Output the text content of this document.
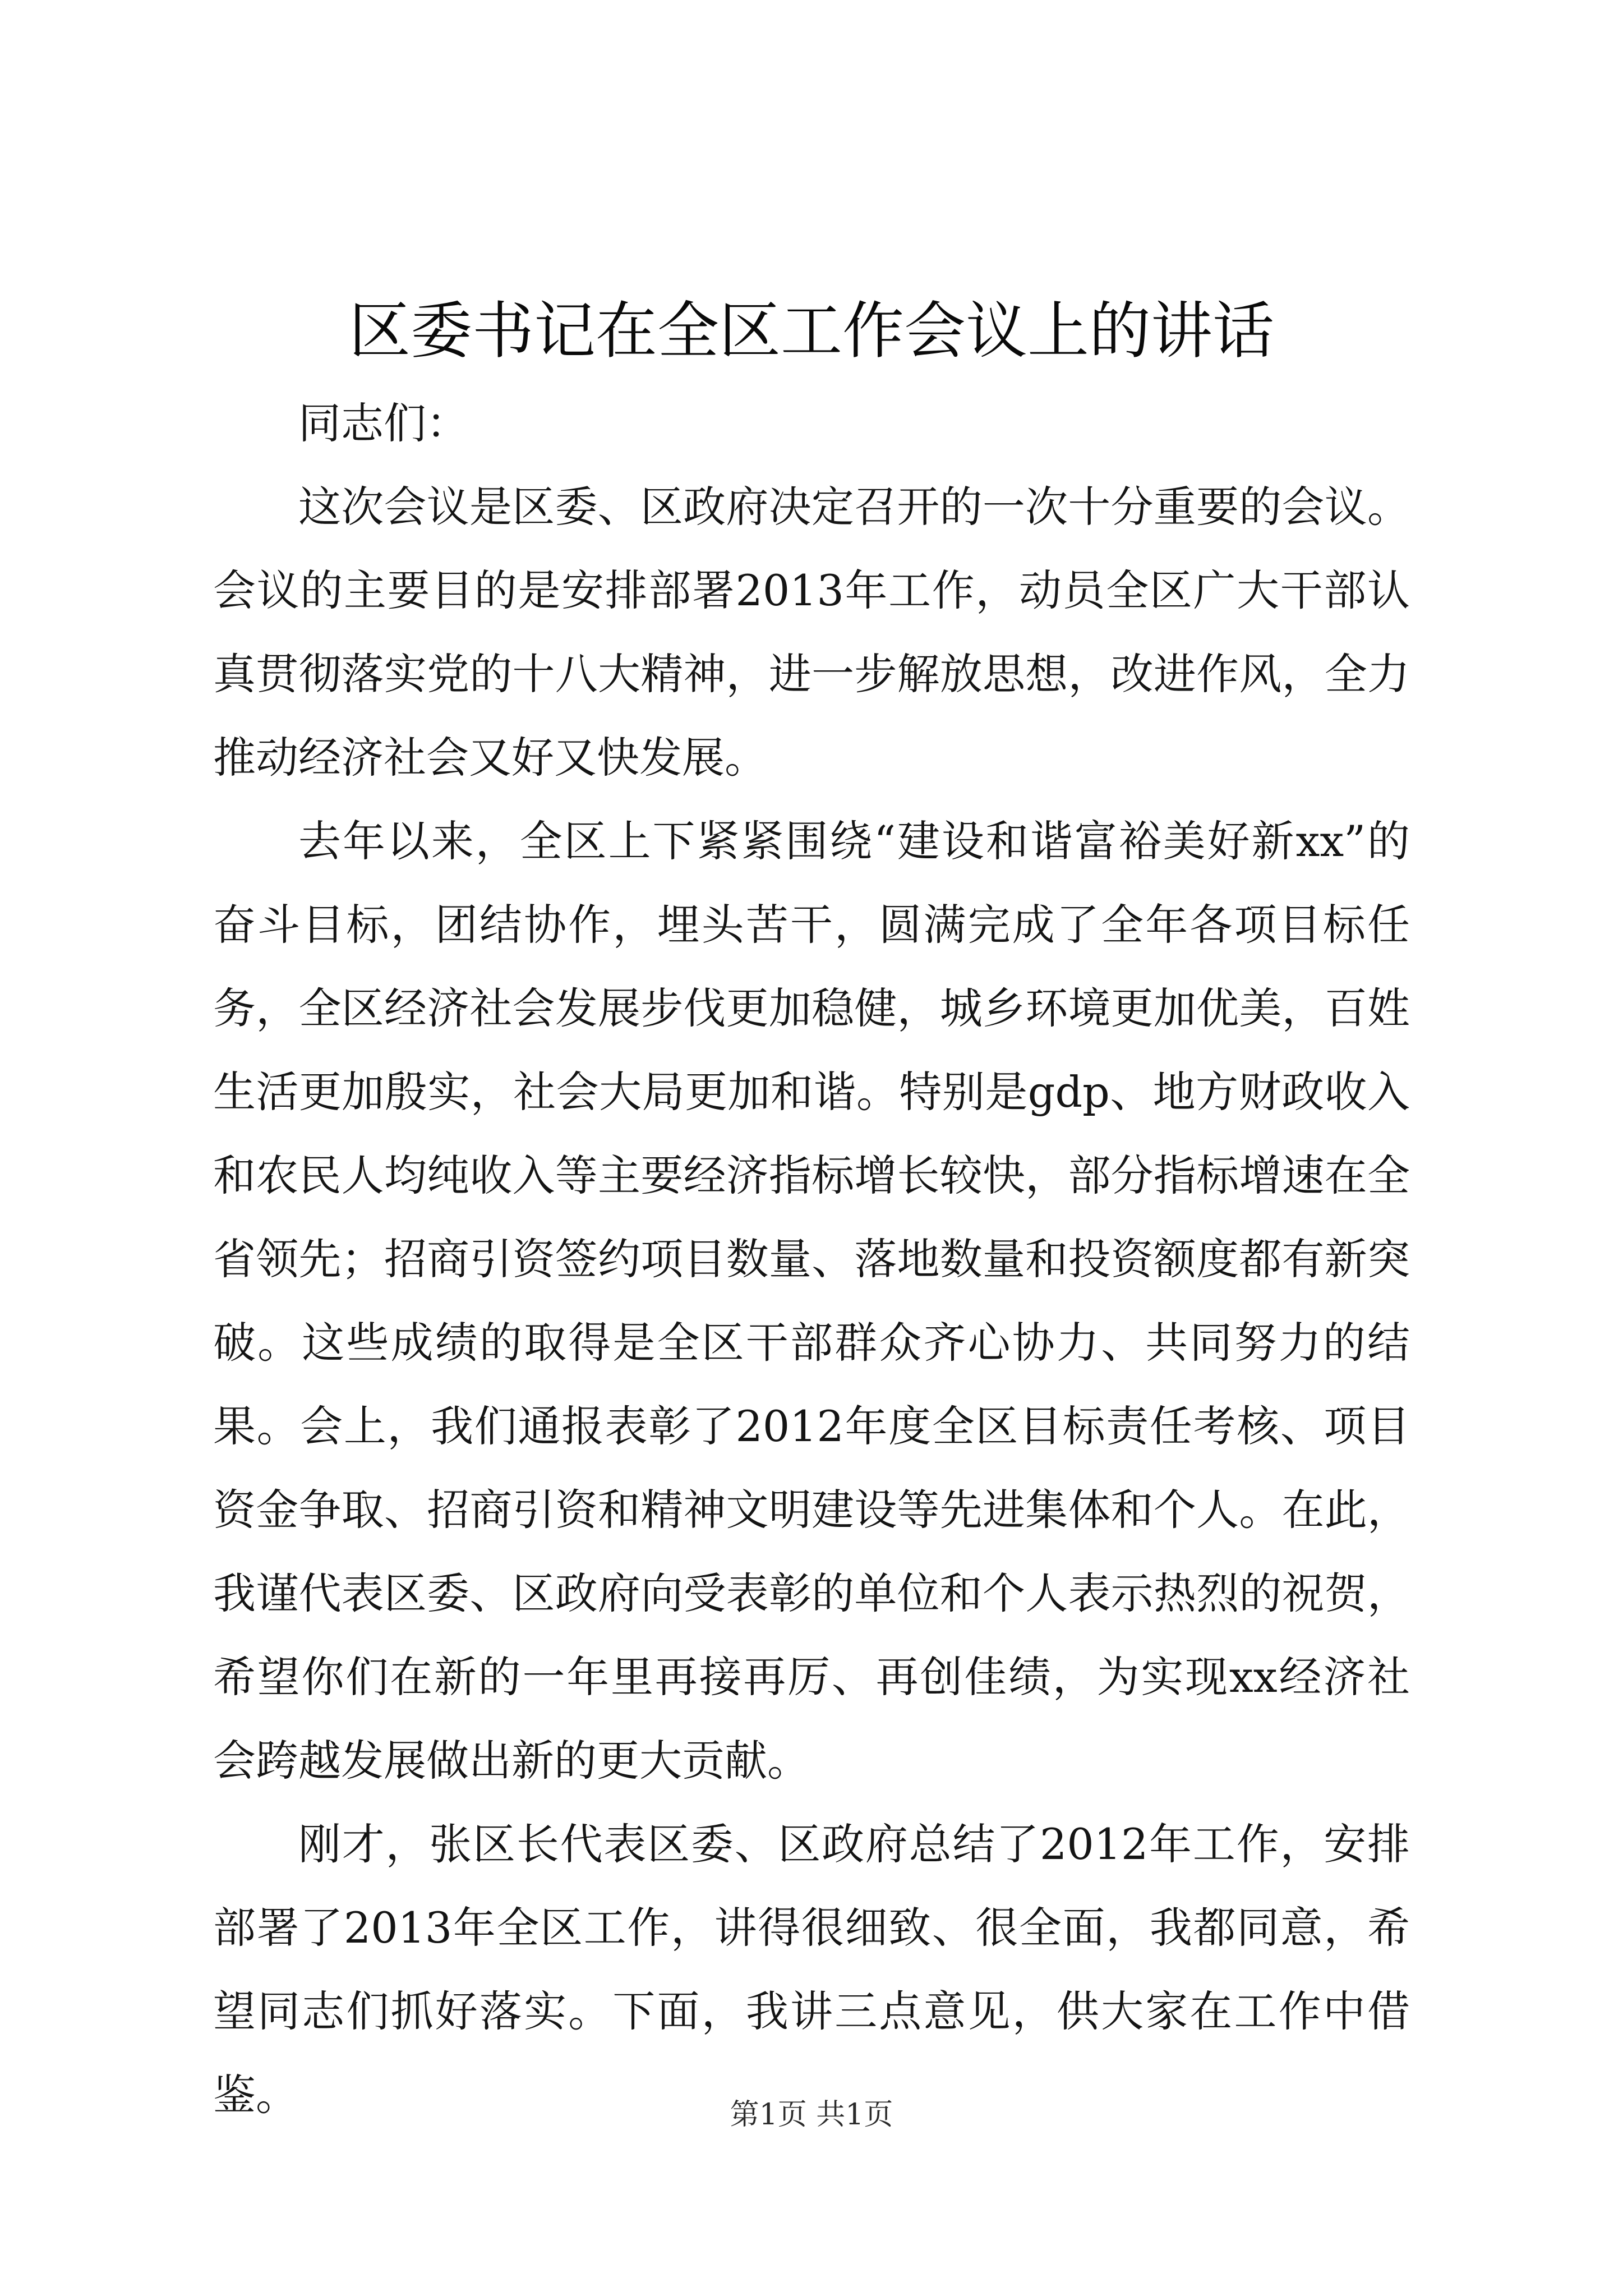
区委书记在全区工作会议上的讲话

同志们：

这次会议是区委、区政府决定召开的一次十分重要的会议。会议的主要目的是安排部署2013年工作，动员全区广大干部认真贯彻落实党的十八大精神，进一步解放思想，改进作风，全力推动经济社会又好又快发展。

去年以来，全区上下紧紧围绕“建设和谐富裕美好新xx”的奋斗目标，团结协作，埋头苦干，圆满完成了全年各项目标任务，全区经济社会发展步伐更加稳健，城乡环境更加优美，百姓生活更加殷实，社会大局更加和谐。特别是gdp、地方财政收入和农民人均纯收入等主要经济指标增长较快，部分指标增速在全省领先；招商引资签约项目数量、落地数量和投资额度都有新突破。这些成绩的取得是全区干部群众齐心协力、共同努力的结果。会上，我们通报表彰了2012年度全区目标责任考核、项目资金争取、招商引资和精神文明建设等先进集体和个人。在此，我谨代表区委、区政府向受表彰的单位和个人表示热烈的祝贺，希望你们在新的一年里再接再厉、再创佳绩，为实现xx经济社会跨越发展做出新的更大贡献。

刚才，张区长代表区委、区政府总结了2012年工作，安排部署了2013年全区工作，讲得很细致、很全面，我都同意，希望同志们抓好落实。下面，我讲三点意见，供大家在工作中借鉴。	第1页 共1页
